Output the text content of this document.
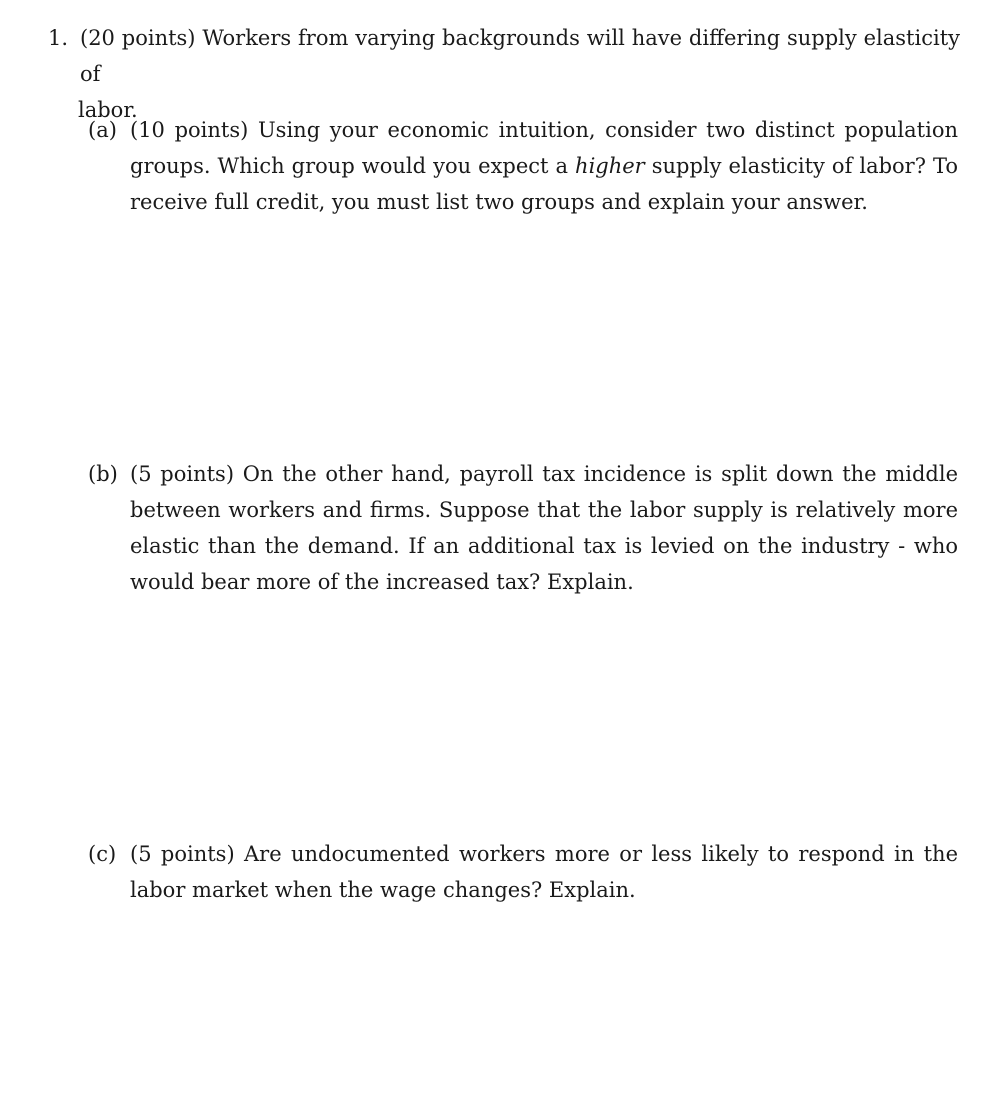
1. (20 points) Workers from varying backgrounds will have differing supply elasticity of
labor.
(a) (10 points) Using your economic intuition, consider two distinct population groups. Which group would you expect a higher supply elasticity of labor? To receive full credit, you must list two groups and explain your answer.
(b) (5 points) On the other hand, payroll tax incidence is split down the middle between workers and firms. Suppose that the labor supply is relatively more elastic than the demand. If an additional tax is levied on the industry - who would bear more of the increased tax? Explain.
(c) (5 points) Are undocumented workers more or less likely to respond in the labor market when the wage changes? Explain.
